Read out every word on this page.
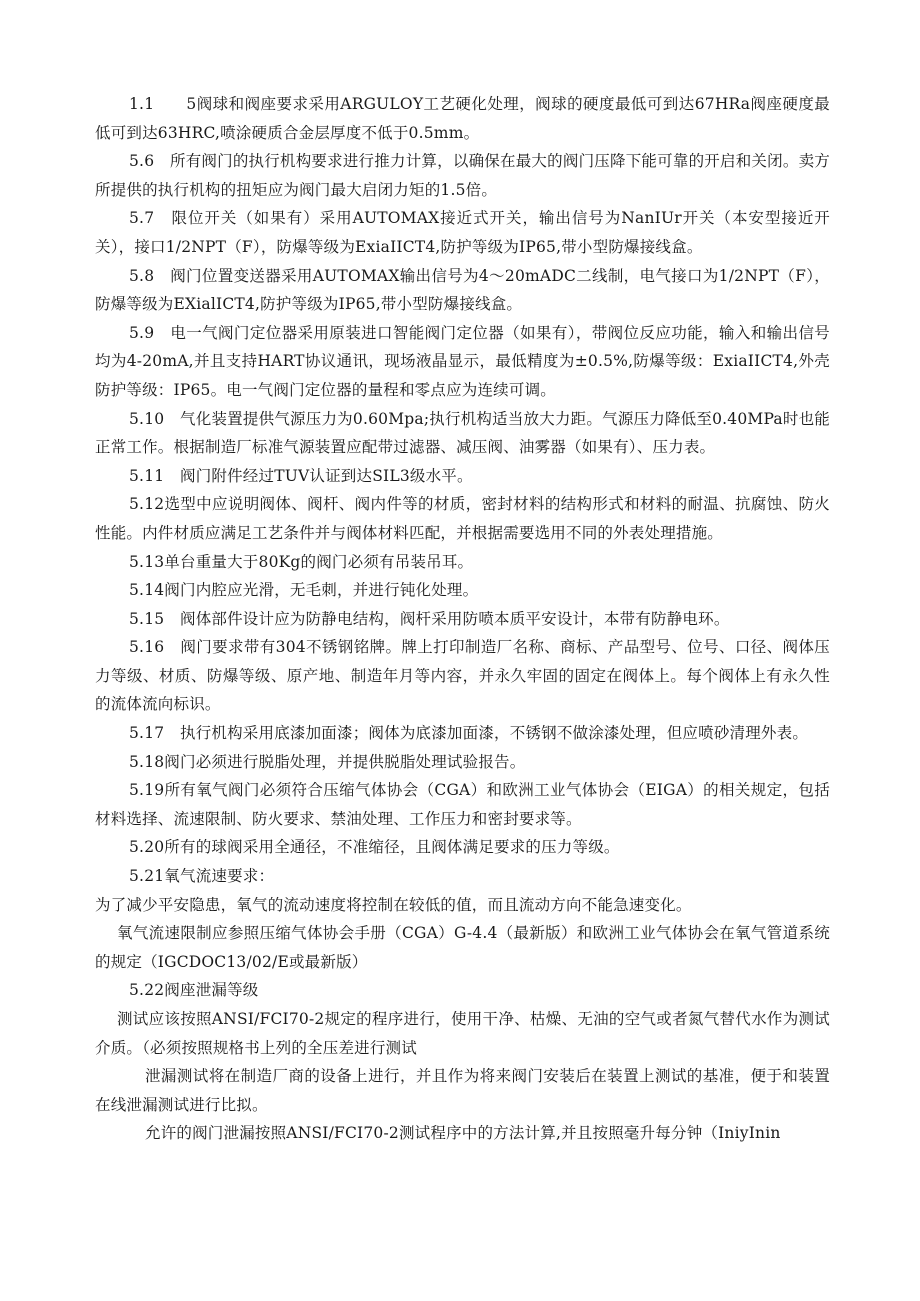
1.1　　5阀球和阀座要求采用ARGULOY工艺硬化处理，阀球的硬度最低可到达67HRa阀座硬度最低可到达63HRC,喷涂硬质合金层厚度不低于0.5mm。

5.6　所有阀门的执行机构要求进行推力计算，以确保在最大的阀门压降下能可靠的开启和关闭。卖方所提供的执行机构的扭矩应为阀门最大启闭力矩的1.5倍。

5.7　限位开关（如果有）采用AUTOMAX接近式开关，输出信号为NanIUr开关（本安型接近开关），接口1/2NPT（F），防爆等级为ExiaIICT4,防护等级为IP65,带小型防爆接线盒。

5.8　阀门位置变送器采用AUTOMAX输出信号为4～20mADC二线制，电气接口为1/2NPT（F），防爆等级为EXialICT4,防护等级为IP65,带小型防爆接线盒。

5.9　电一气阀门定位器采用原装进口智能阀门定位器（如果有），带阀位反应功能，输入和输出信号均为4-20mA,并且支持HART协议通讯，现场液晶显示，最低精度为±0.5%,防爆等级：ExiaIICT4,外壳防护等级：IP65。电一气阀门定位器的量程和零点应为连续可调。

5.10　气化装置提供气源压力为0.60Mpa;执行机构适当放大力距。气源压力降低至0.40MPa时也能正常工作。根据制造厂标准气源装置应配带过滤器、减压阀、油雾器（如果有）、压力表。

5.11　阀门附件经过TUV认证到达SIL3级水平。

5.12选型中应说明阀体、阀杆、阀内件等的材质，密封材料的结构形式和材料的耐温、抗腐蚀、防火性能。内件材质应满足工艺条件并与阀体材料匹配，并根据需要选用不同的外表处理措施。

5.13单台重量大于80Kg的阀门必须有吊装吊耳。

5.14阀门内腔应光滑，无毛刺，并进行钝化处理。

5.15　阀体部件设计应为防静电结构，阀杆采用防喷本质平安设计，本带有防静电环。

5.16　阀门要求带有304不锈钢铭牌。牌上打印制造厂名称、商标、产品型号、位号、口径、阀体压力等级、材质、防爆等级、原产地、制造年月等内容，并永久牢固的固定在阀体上。每个阀体上有永久性的流体流向标识。

5.17　执行机构采用底漆加面漆；阀体为底漆加面漆，不锈钢不做涂漆处理，但应喷砂清理外表。

5.18阀门必须进行脱脂处理，并提供脱脂处理试验报告。

5.19所有氧气阀门必须符合压缩气体协会（CGA）和欧洲工业气体协会（EIGA）的相关规定，包括材料选择、流速限制、防火要求、禁油处理、工作压力和密封要求等。

5.20所有的球阀采用全通径，不准缩径，且阀体满足要求的压力等级。

5.21氧气流速要求：

为了减少平安隐患，氧气的流动速度将控制在较低的值，而且流动方向不能急速变化。

氧气流速限制应参照压缩气体协会手册（CGA）G-4.4（最新版）和欧洲工业气体协会在氧气管道系统的规定（IGCDOC13/02/E或最新版）

5.22阀座泄漏等级

测试应该按照ANSI/FCI70-2规定的程序进行，使用干净、枯燥、无油的空气或者氮气替代水作为测试介质。（必须按照规格书上列的全压差进行测试

泄漏测试将在制造厂商的设备上进行，并且作为将来阀门安装后在装置上测试的基准，便于和装置在线泄漏测试进行比拟。

允许的阀门泄漏按照ANSI/FCI70-2测试程序中的方法计算,并且按照毫升每分钟（IniyInin
